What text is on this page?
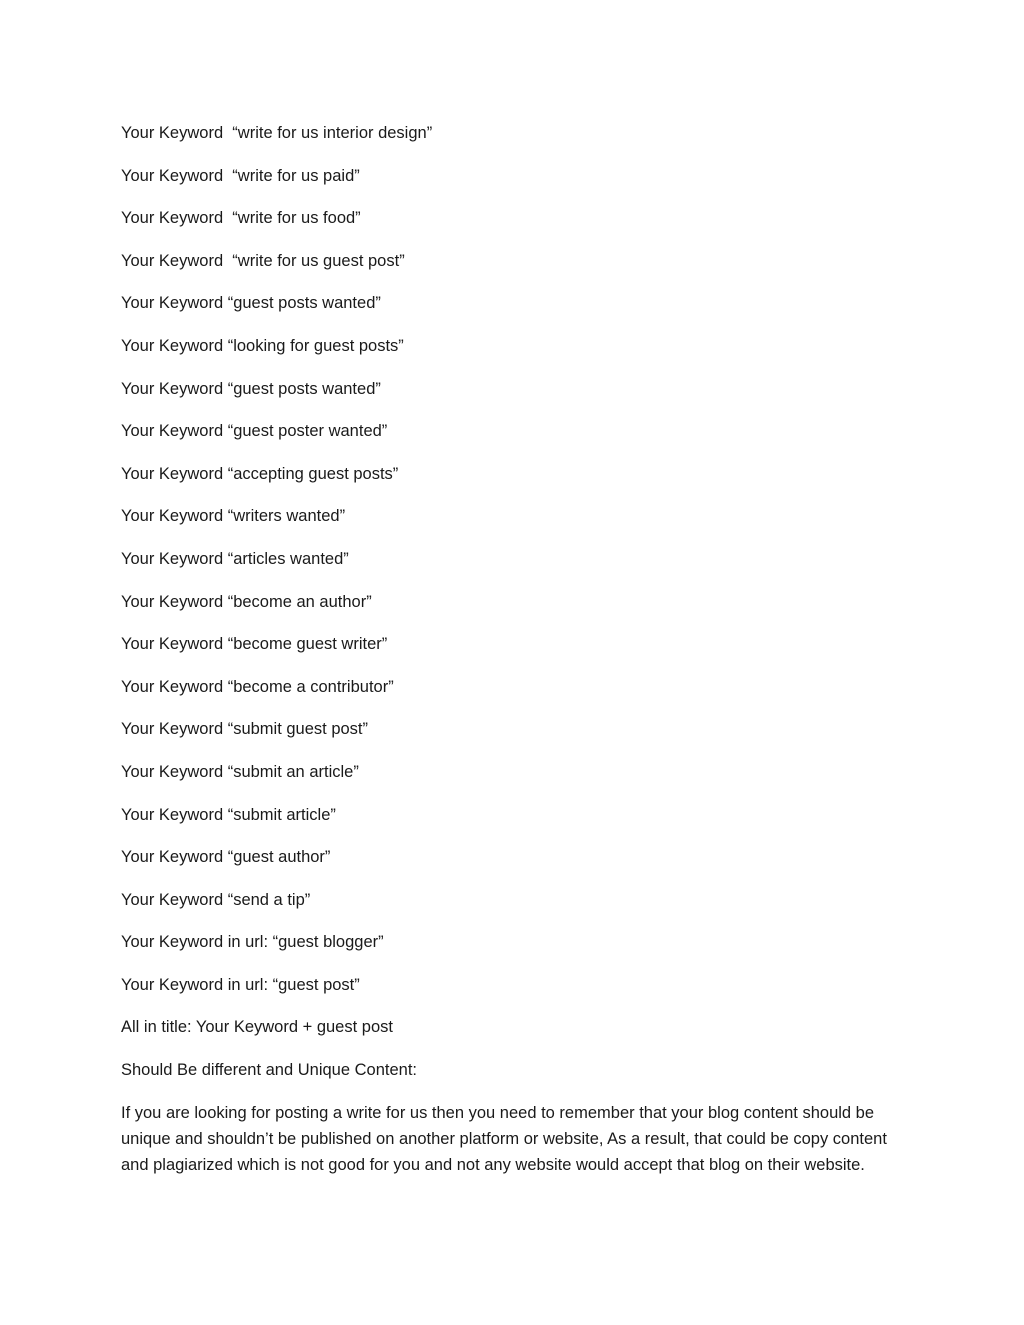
Your Keyword  “write for us interior design”
Your Keyword  “write for us paid”
Your Keyword  “write for us food”
Your Keyword  “write for us guest post”
Your Keyword “guest posts wanted”
Your Keyword “looking for guest posts”
Your Keyword “guest posts wanted”
Your Keyword “guest poster wanted”
Your Keyword “accepting guest posts”
Your Keyword “writers wanted”
Your Keyword “articles wanted”
Your Keyword “become an author”
Your Keyword “become guest writer”
Your Keyword “become a contributor”
Your Keyword “submit guest post”
Your Keyword “submit an article”
Your Keyword “submit article”
Your Keyword “guest author”
Your Keyword “send a tip”
Your Keyword in url: “guest blogger”
Your Keyword in url: “guest post”
All in title: Your Keyword + guest post
Should Be different and Unique Content:

If you are looking for posting a write for us then you need to remember that your blog content should be unique and shouldn’t be published on another platform or website, As a result, that could be copy content and plagiarized which is not good for you and not any website would accept that blog on their website.
